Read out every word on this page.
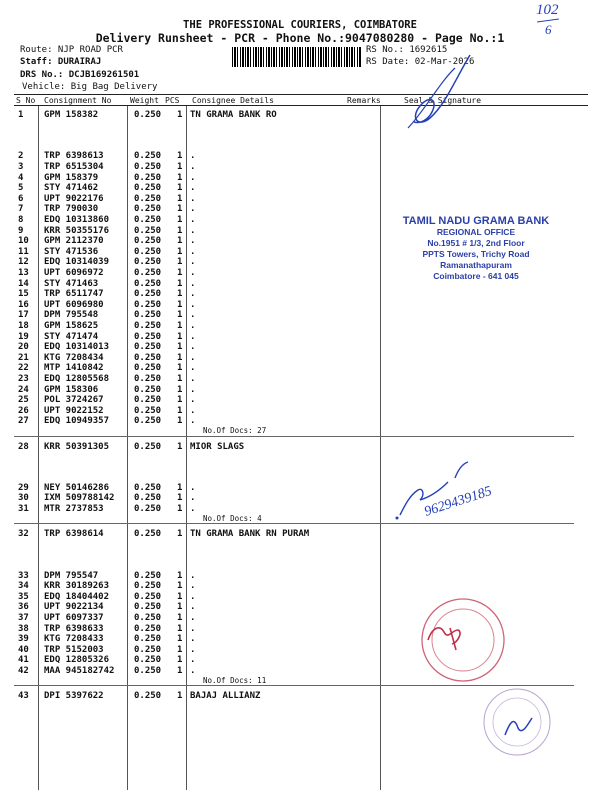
THE PROFESSIONAL COURIERS, COIMBATORE
Delivery Runsheet - PCR - Phone No.:9047080280 - Page No.:1
Route: NJP ROAD PCR
Staff: DURAIRAJ
DRS No.: DCJB169261501
Vehicle: Big Bag Delivery
RS No.: 1692615
RS Date: 02-Mar-2026
102
6
S No Consignment No Weight PCS Consignee Details	Remarks	Seal & Signature
1 GPM 158382	0.250 1 TN GRAMA BANK RO
2 TRP 6398613	0.250 1 .
3 TRP 6515304	0.250 1 .
4 GPM 158379	0.250 1 .
5 STY 471462	0.250 1 .
6 UPT 9022176	0.250 1 .
7 TRP 790030	0.250 1 .
8 EDQ 10313860	0.250 1 .
9 KRR 50355176	0.250 1 .
10 GPM 2112370	0.250 1 .
11 STY 471536	0.250 1 .
12 EDQ 10314039	0.250 1 .
13 UPT 6096972	0.250 1 .
14 STY 471463	0.250 1 .
15 TRP 6511747	0.250 1 .
16 UPT 6096980	0.250 1 .
17 DPM 795548	0.250 1 .
18 GPM 158625	0.250 1 .
19 STY 471474	0.250 1 .
20 EDQ 10314013	0.250 1 .
21 KTG 7208434	0.250 1 .
22 MTP 1410842	0.250 1 .
23 EDQ 12805568	0.250 1 .
24 GPM 158306	0.250 1 .
25 POL 3724267	0.250 1 .
26 UPT 9022152	0.250 1 .
27 EDQ 10949357	0.250 1 .
No.Of Docs: 27
28 KRR 50391305	0.250 1 MIOR SLAGS
29 NEY 50146286	0.250 1 .
30 IXM 509788142 0.250 1 .
31 MTR 2737853	0.250 1 .
No.Of Docs: 4
32 TRP 6398614	0.250 1 TN GRAMA BANK RN PURAM
33 DPM 795547	0.250 1 .
34 KRR 30189263	0.250 1 .
35 EDQ 18404402	0.250 1 .
36 UPT 9022134	0.250 1 .
37 UPT 6097337	0.250 1 .
38 TRP 6398633	0.250 1 .
39 KTG 7208433	0.250 1 .
40 TRP 5152003	0.250 1 .
41 EDQ 12805326	0.250 1 .
42 MAA 945182742 0.250 1 .
No.Of Docs: 11
43 DPI 5397622	0.250 1 BAJAJ ALLIANZ
TAMIL NADU GRAMA BANK
REGIONAL OFFICE
No.1951 # 1/3, 2nd Floor
PPTS Towers, Trichy Road
Ramanathapuram
Coimbatore - 641 045
9629439185
